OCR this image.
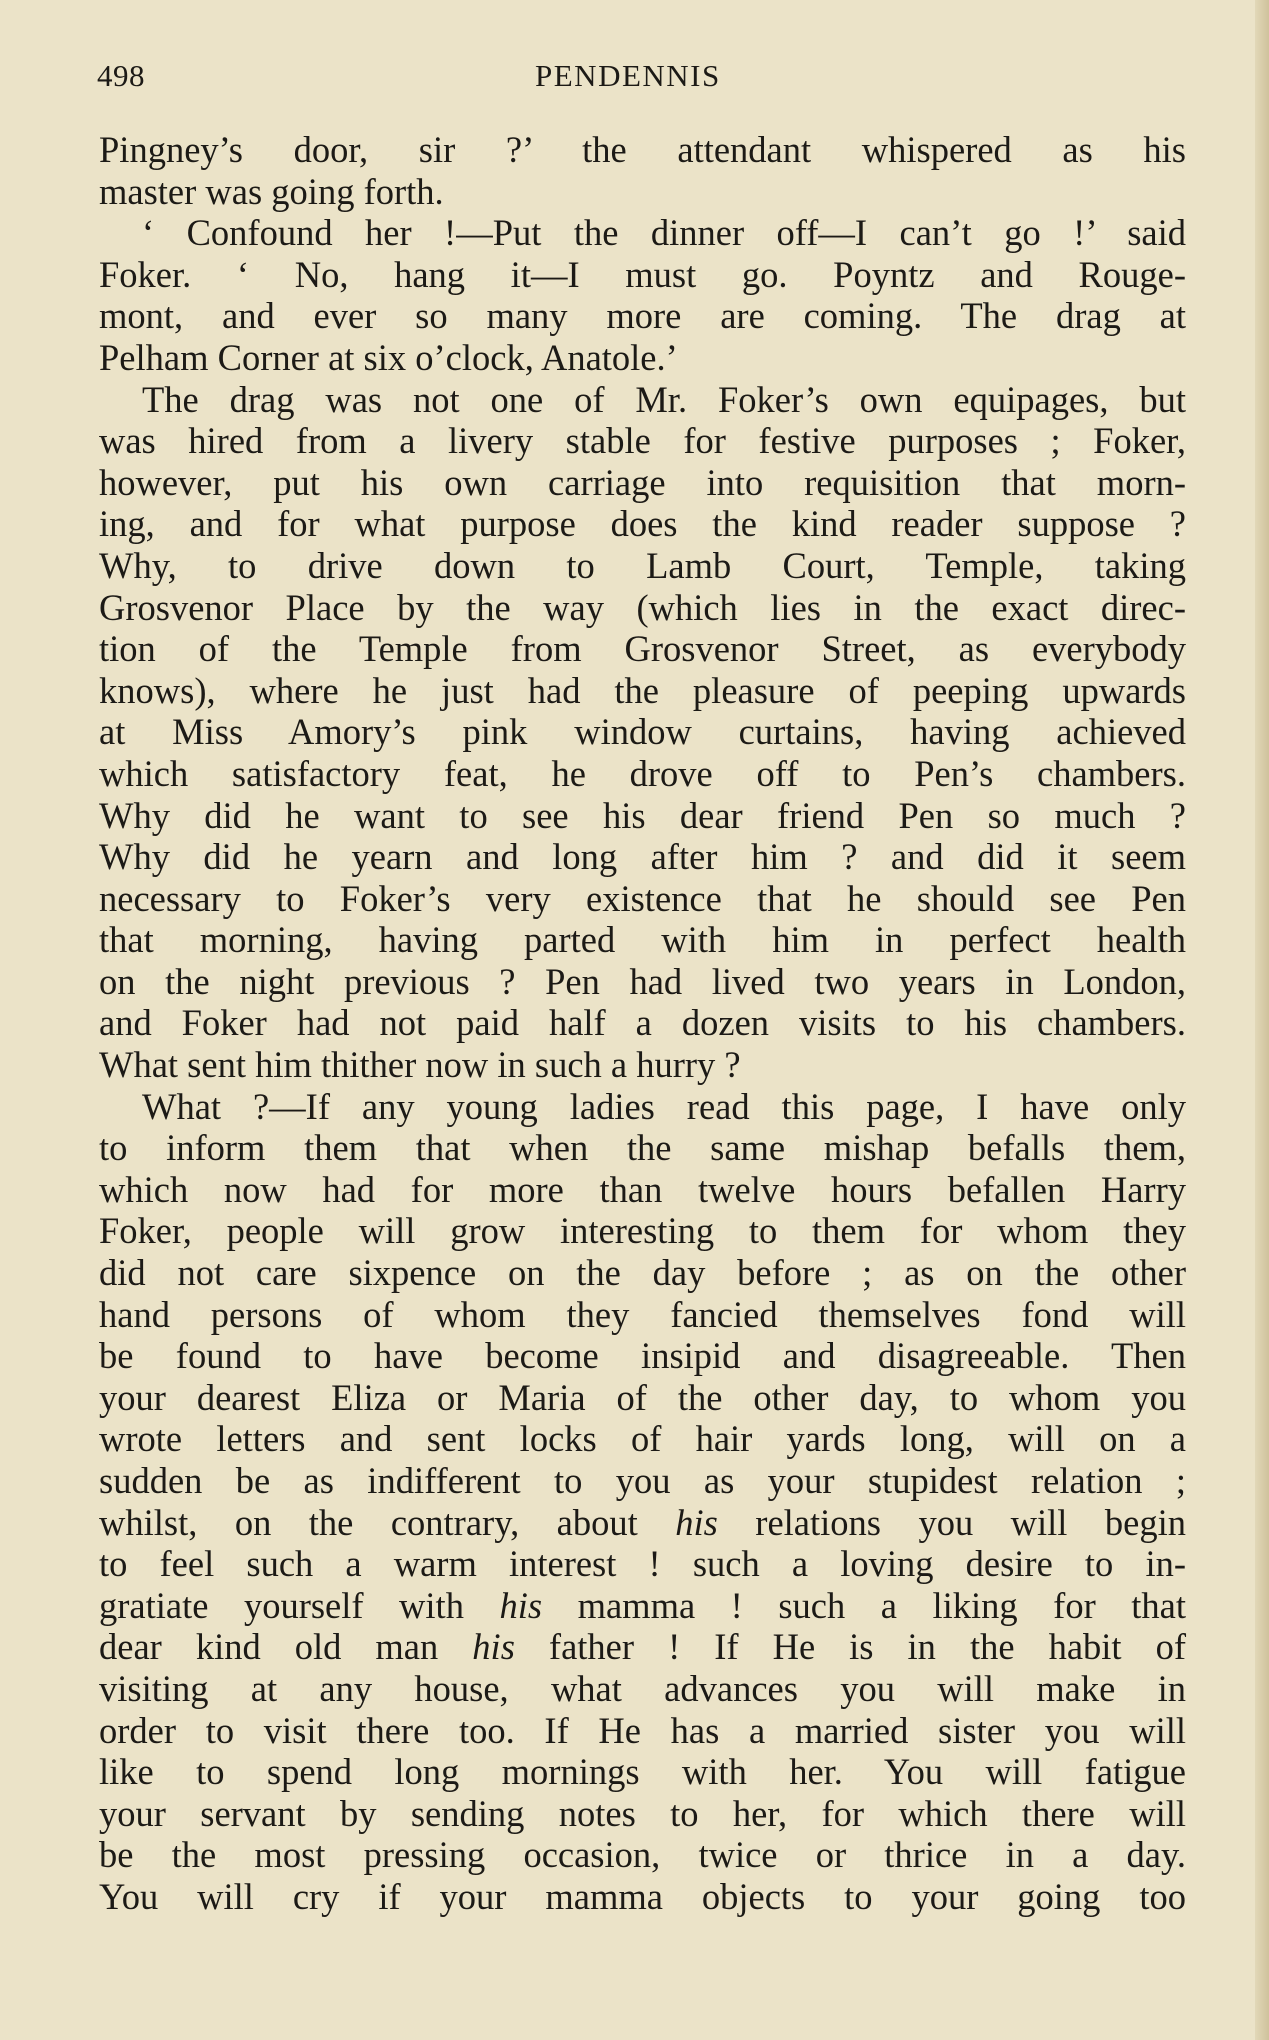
498	PENDENNIS
Pingney’s door, sir ?’ the attendant whispered as his
master was going forth.
‘ Confound her !—Put the dinner off—I can’t go !’ said
Foker. ‘ No, hang it—I must go. Poyntz and Rouge-
mont, and ever so many more are coming. The drag at
Pelham Corner at six o’clock, Anatole.’
The drag was not one of Mr. Foker’s own equipages, but
was hired from a livery stable for festive purposes ; Foker,
however, put his own carriage into requisition that morn-
ing, and for what purpose does the kind reader suppose ?
Why, to drive down to Lamb Court, Temple, taking
Grosvenor Place by the way (which lies in the exact direc-
tion of the Temple from Grosvenor Street, as everybody
knows), where he just had the pleasure of peeping upwards
at Miss Amory’s pink window curtains, having achieved
which satisfactory feat, he drove off to Pen’s chambers.
Why did he want to see his dear friend Pen so much ?
Why did he yearn and long after him ? and did it seem
necessary to Foker’s very existence that he should see Pen
that morning, having parted with him in perfect health
on the night previous ? Pen had lived two years in London,
and Foker had not paid half a dozen visits to his chambers.
What sent him thither now in such a hurry ?
What ?—If any young ladies read this page, I have only
to inform them that when the same mishap befalls them,
which now had for more than twelve hours befallen Harry
Foker, people will grow interesting to them for whom they
did not care sixpence on the day before ; as on the other
hand persons of whom they fancied themselves fond will
be found to have become insipid and disagreeable. Then
your dearest Eliza or Maria of the other day, to whom you
wrote letters and sent locks of hair yards long, will on a
sudden be as indifferent to you as your stupidest relation ;
whilst, on the contrary, about his relations you will begin
to feel such a warm interest ! such a loving desire to in-
gratiate yourself with his mamma ! such a liking for that
dear kind old man his father ! If He is in the habit of
visiting at any house, what advances you will make in
order to visit there too. If He has a married sister you will
like to spend long mornings with her. You will fatigue
your servant by sending notes to her, for which there will
be the most pressing occasion, twice or thrice in a day.
You will cry if your mamma objects to your going too
